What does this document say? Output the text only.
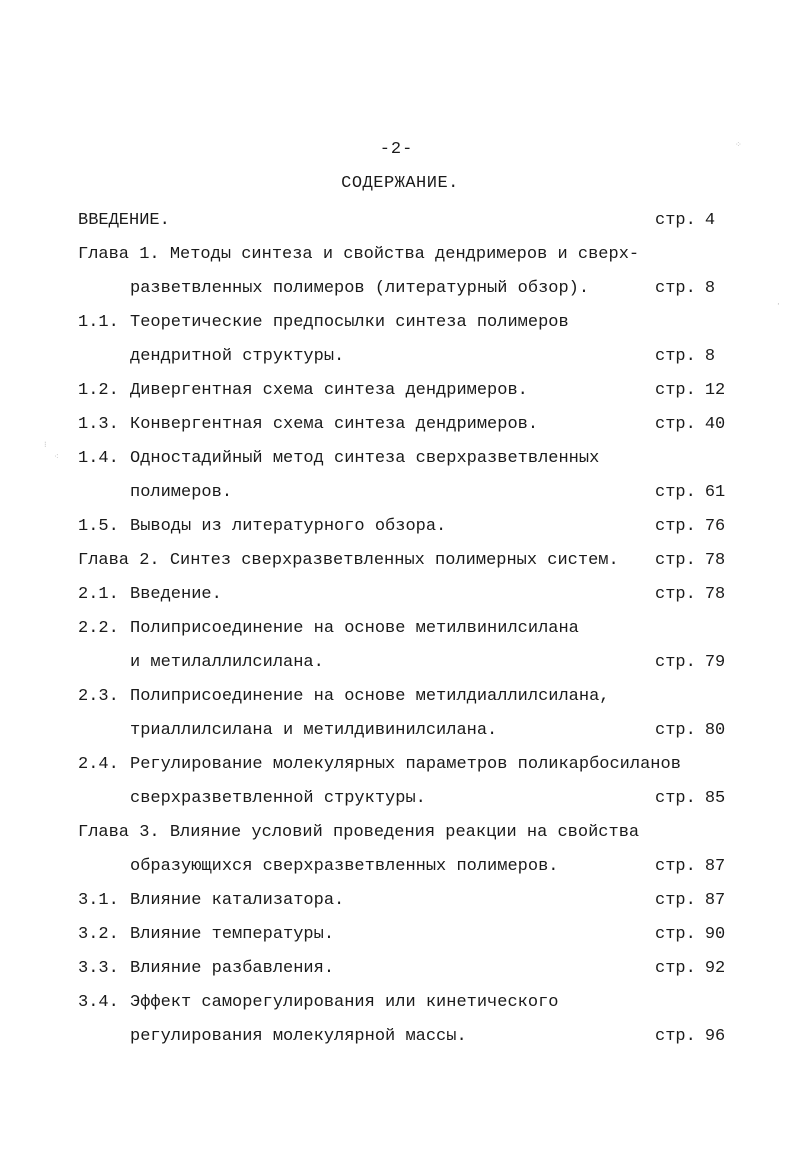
-2-
СОДЕРЖАНИЕ.
ВВЕДЕНИЕ.	стр. 4
Глава 1. Методы синтеза и свойства дендримеров и сверх-
разветвленных полимеров (литературный обзор).	стр. 8
1.1. Теоретические предпосылки синтеза полимеров
дендритной структуры.	стр. 8
1.2. Дивергентная схема синтеза дендримеров.	стр. 12
1.3. Конвергентная схема синтеза дендримеров.	стр. 40
1.4. Одностадийный метод синтеза сверхразветвленных
полимеров.	стр. 61
1.5. Выводы из литературного обзора.	стр. 76
Глава 2. Синтез сверхразветвленных полимерных систем. стр. 78
2.1. Введение.	стр. 78
2.2. Полиприсоединение на основе метилвинилсилана
и метилаллилсилана.	стр. 79
2.3. Полиприсоединение на основе метилдиаллилсилана,
триаллилсилана и метилдивинилсилана.	стр. 80
2.4. Регулирование молекулярных параметров поликарбосиланов
сверхразветвленной структуры.	стр. 85
Глава 3. Влияние условий проведения реакции на свойства
образующихся сверхразветвленных полимеров.	стр. 87
3.1. Влияние катализатора.	стр. 87
3.2. Влияние температуры.	стр. 90
3.3. Влияние разбавления.	стр. 92
3.4. Эффект саморегулирования или кинетического
регулирования молекулярной массы.	стр. 96
⁘
⁝
⁖
·
